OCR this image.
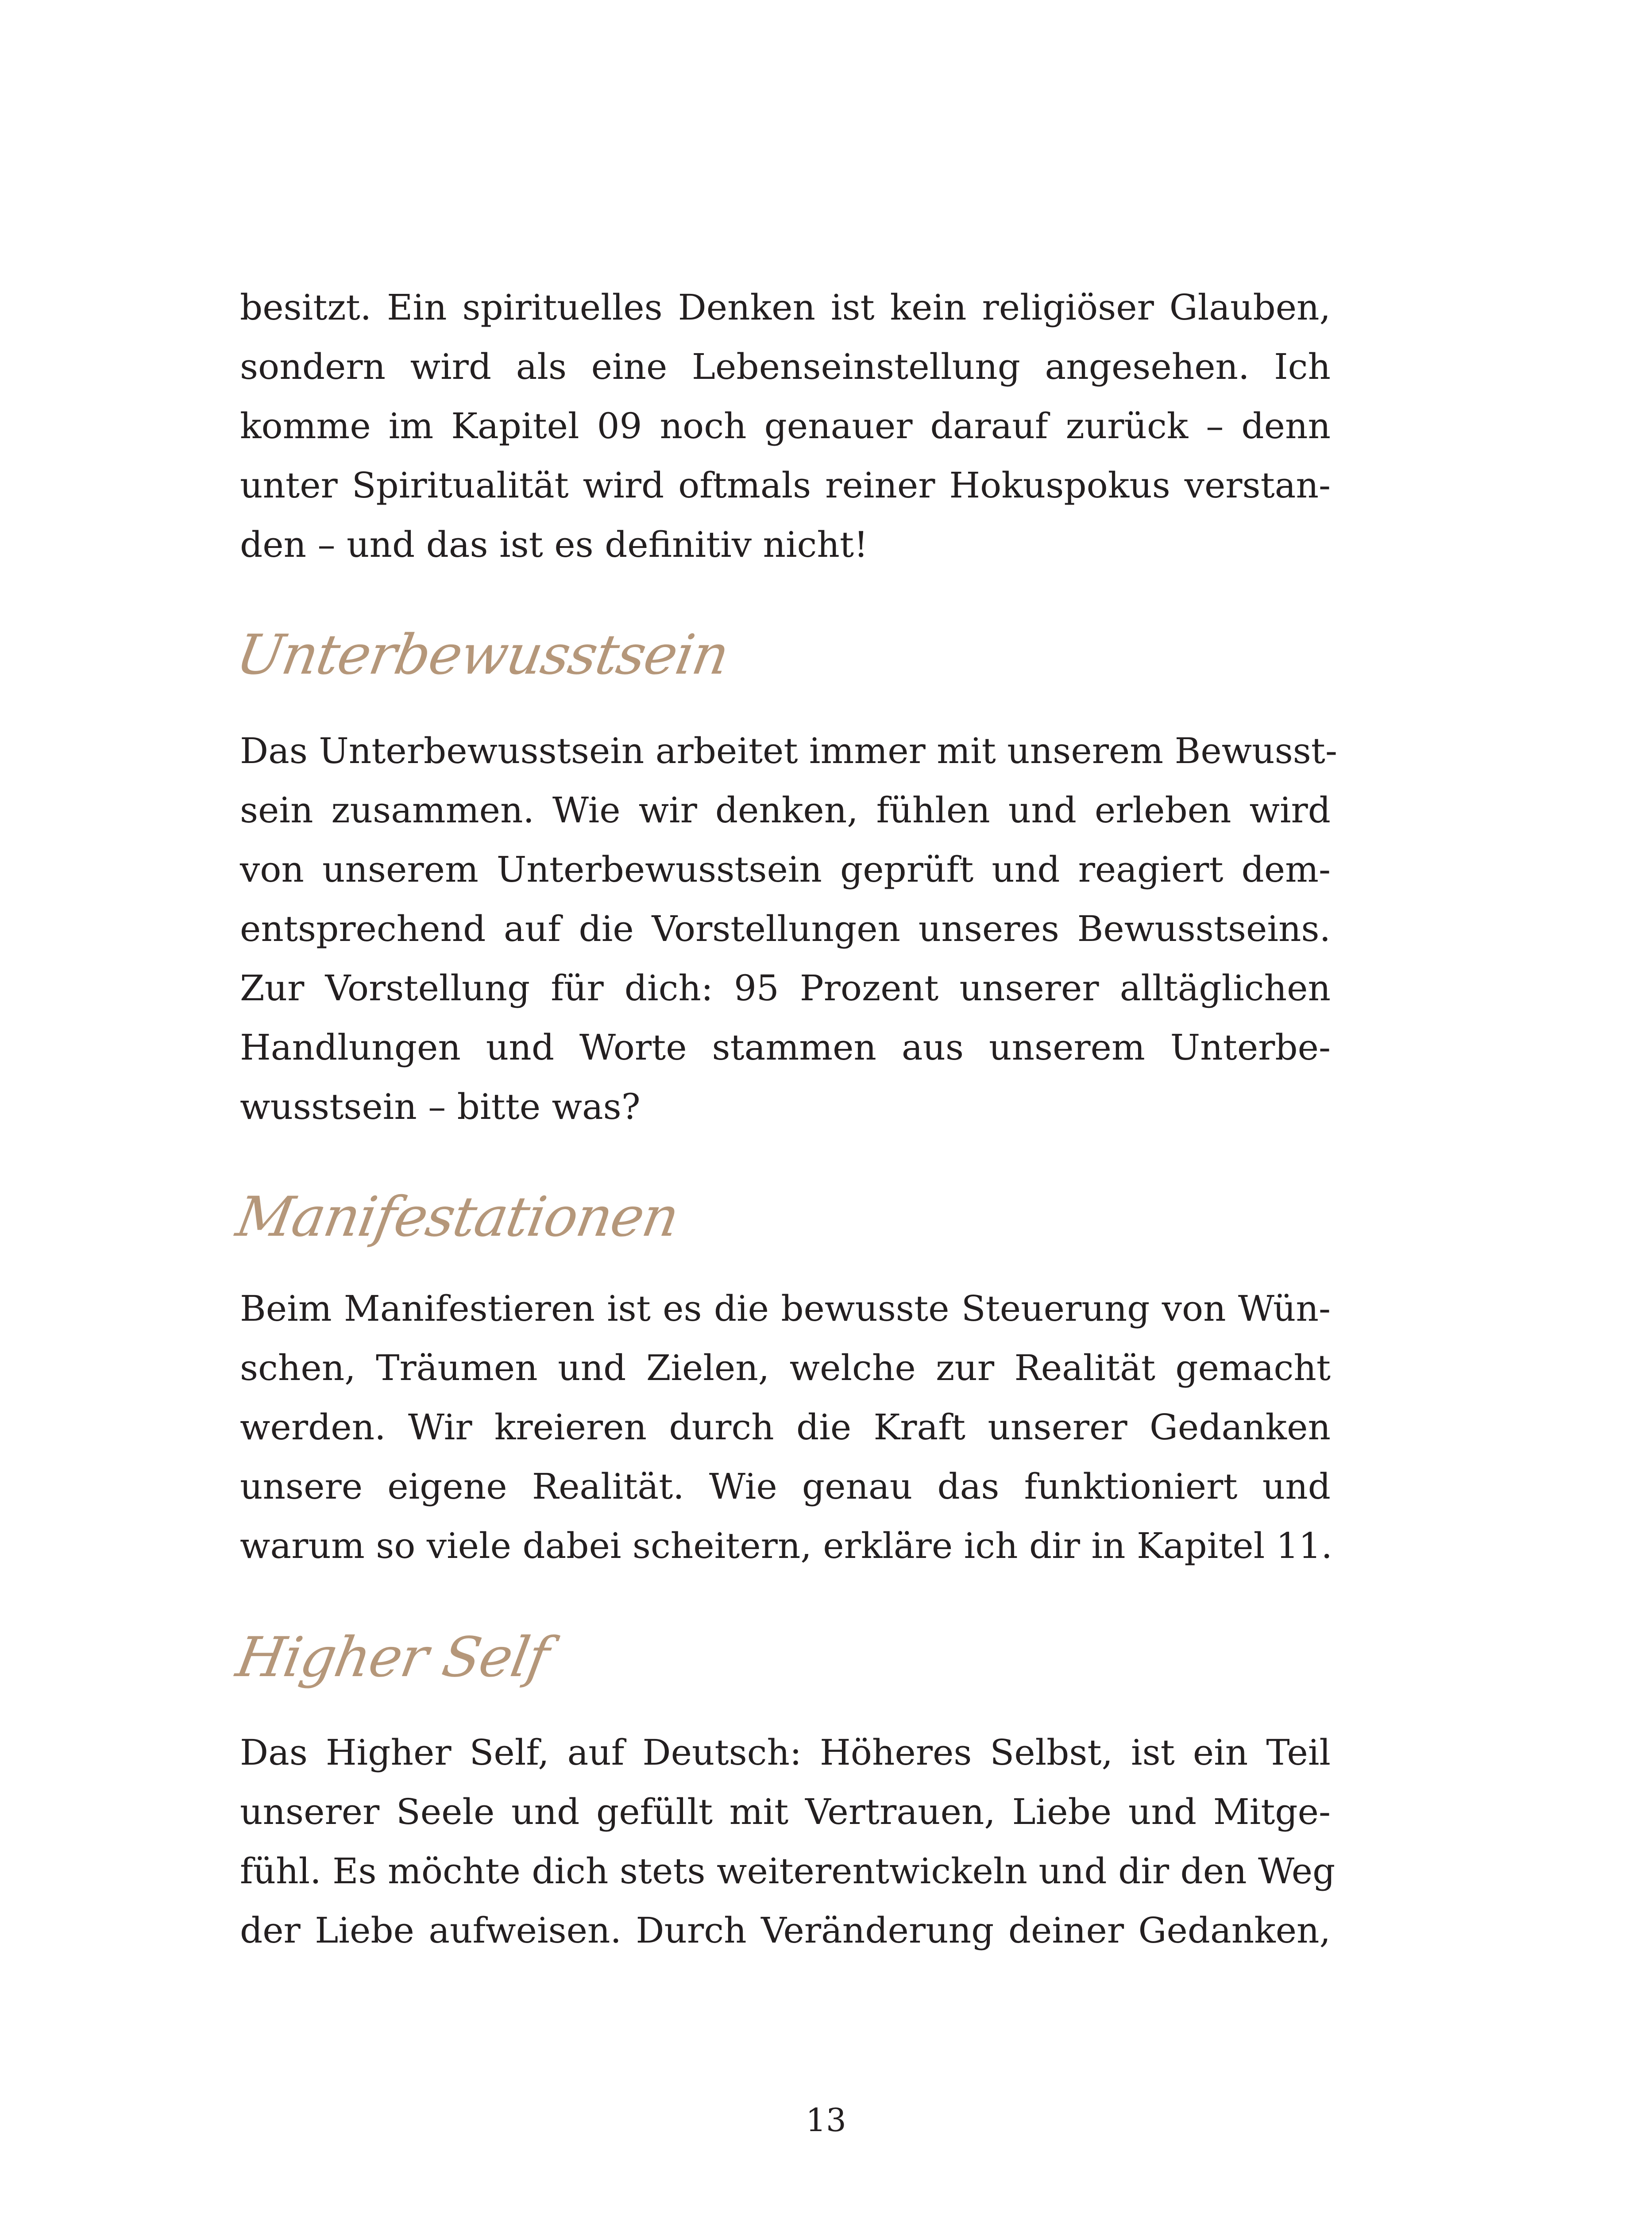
besitzt. Ein spirituelles Denken ist kein religiöser Glauben,
sondern wird als eine Lebenseinstellung angesehen. Ich
komme im Kapitel 09 noch genauer darauf zurück – denn
unter Spiritualität wird oftmals reiner Hokuspokus verstan-
den – und das ist es definitiv nicht!

Unterbewusstsein

Das Unterbewusstsein arbeitet immer mit unserem Bewusst-
sein zusammen. Wie wir denken, fühlen und erleben wird
von unserem Unterbewusstsein geprüft und reagiert dem-
entsprechend auf die Vorstellungen unseres Bewusstseins.
Zur Vorstellung für dich: 95 Prozent unserer alltäglichen
Handlungen und Worte stammen aus unserem Unterbe-
wusstsein – bitte was?

Manifestationen

Beim Manifestieren ist es die bewusste Steuerung von Wün-
schen, Träumen und Zielen, welche zur Realität gemacht
werden. Wir kreieren durch die Kraft unserer Gedanken
unsere eigene Realität. Wie genau das funktioniert und
warum so viele dabei scheitern, erkläre ich dir in Kapitel 11.

Higher Self

Das Higher Self, auf Deutsch: Höheres Selbst, ist ein Teil
unserer Seele und gefüllt mit Vertrauen, Liebe und Mitge-
fühl. Es möchte dich stets weiterentwickeln und dir den Weg
der Liebe aufweisen. Durch Veränderung deiner Gedanken,

13
